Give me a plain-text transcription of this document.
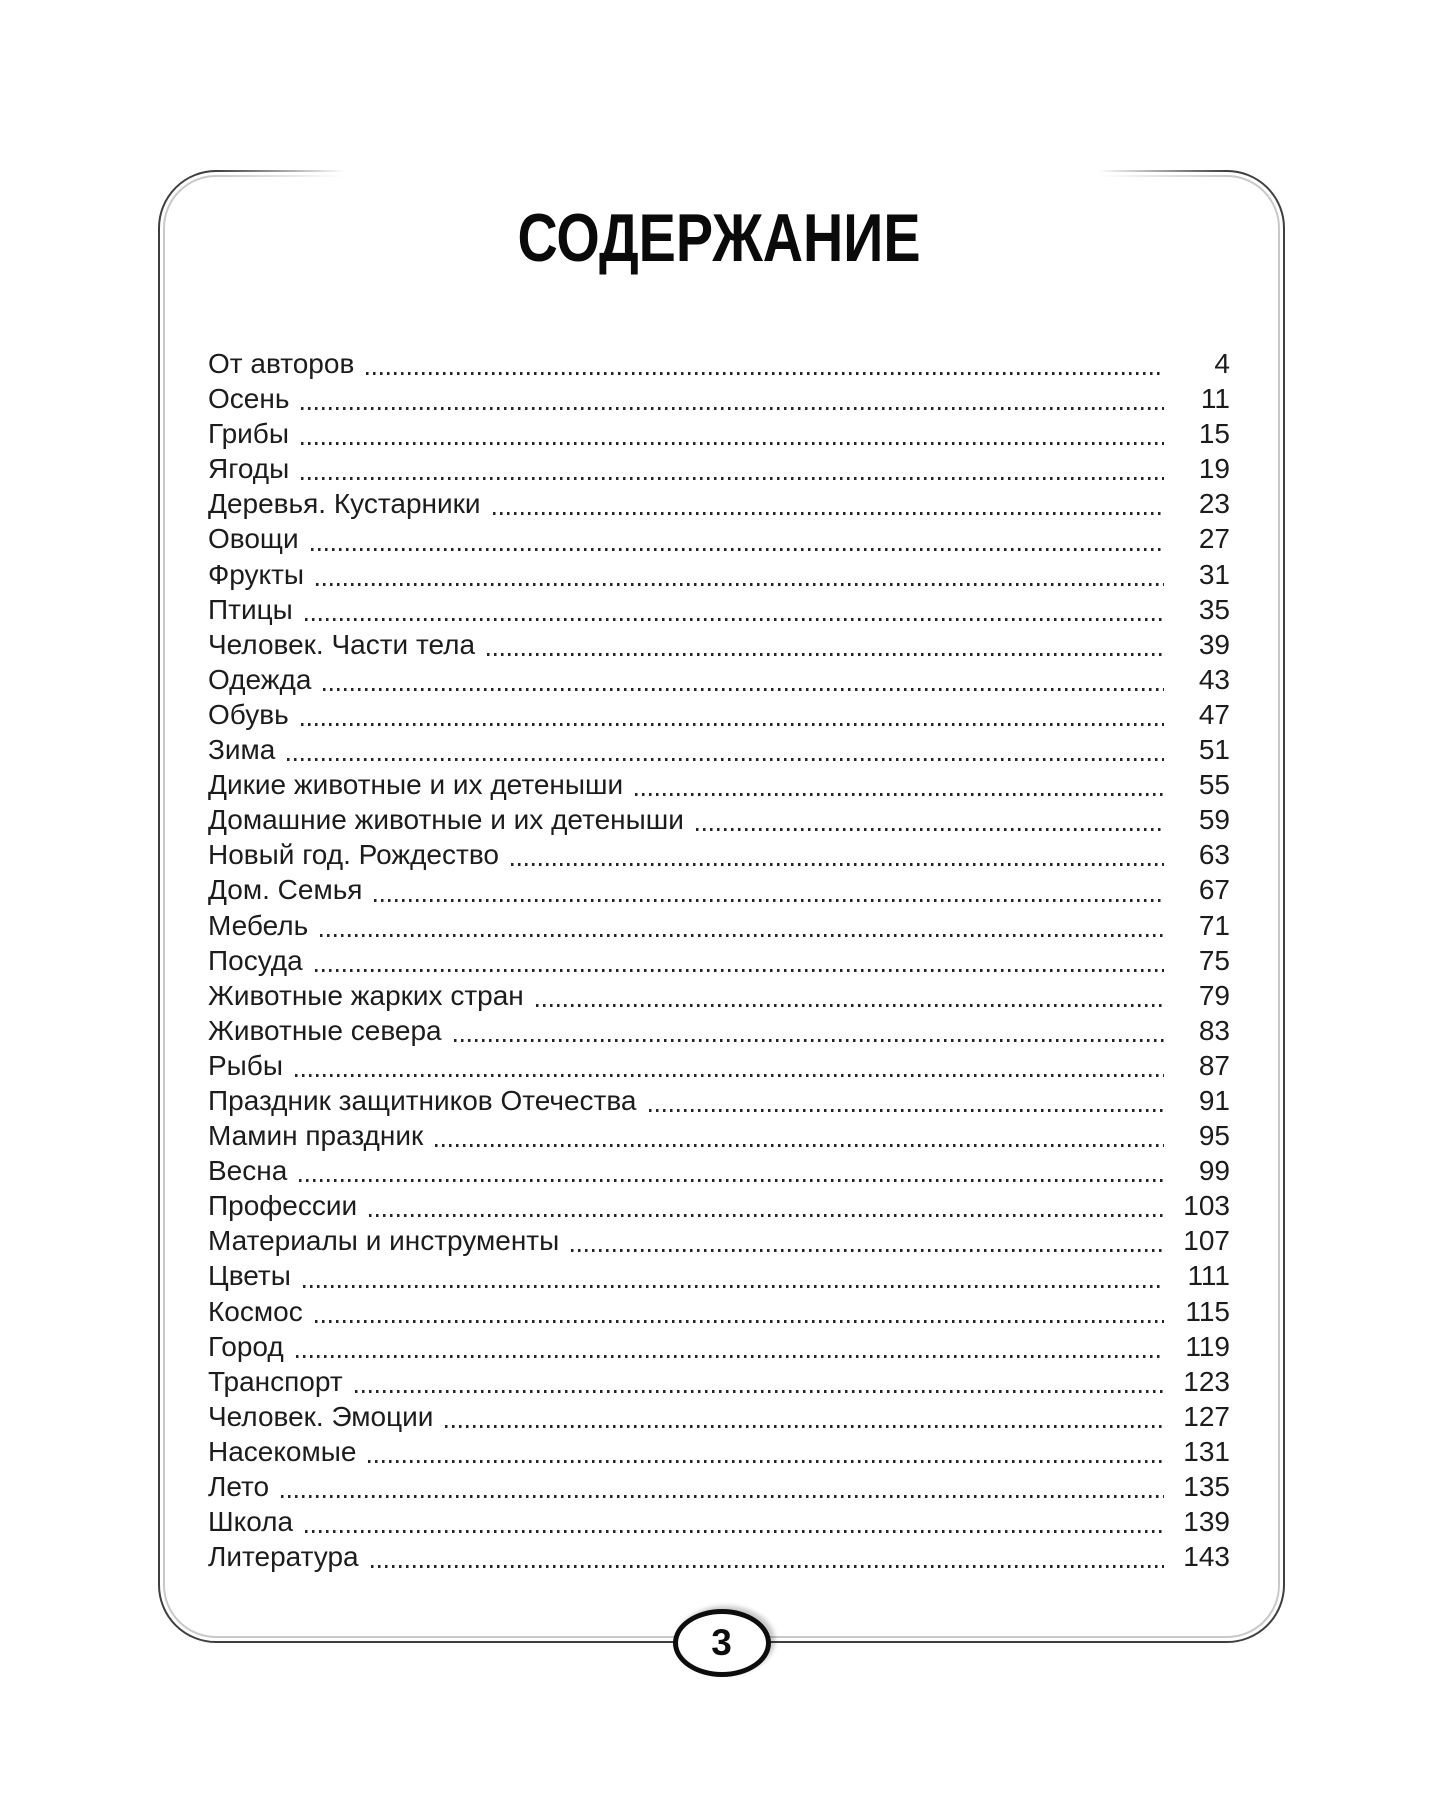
СОДЕРЖАНИЕ
От авторов	4
Осень	11
Грибы	15
Ягоды	19
Деревья. Кустарники	23
Овощи	27
Фрукты	31
Птицы	35
Человек. Части тела	39
Одежда	43
Обувь	47
Зима	51
Дикие животные и их детеныши	55
Домашние животные и их детеныши	59
Новый год. Рождество	63
Дом. Семья	67
Мебель	71
Посуда	75
Животные жарких стран	79
Животные севера	83
Рыбы	87
Праздник защитников Отечества	91
Мамин праздник	95
Весна	99
Профессии	103
Материалы и инструменты	107
Цветы	111
Космос	115
Город	119
Транспорт	123
Человек. Эмоции	127
Насекомые	131
Лето	135
Школа	139
Литература	143
3
